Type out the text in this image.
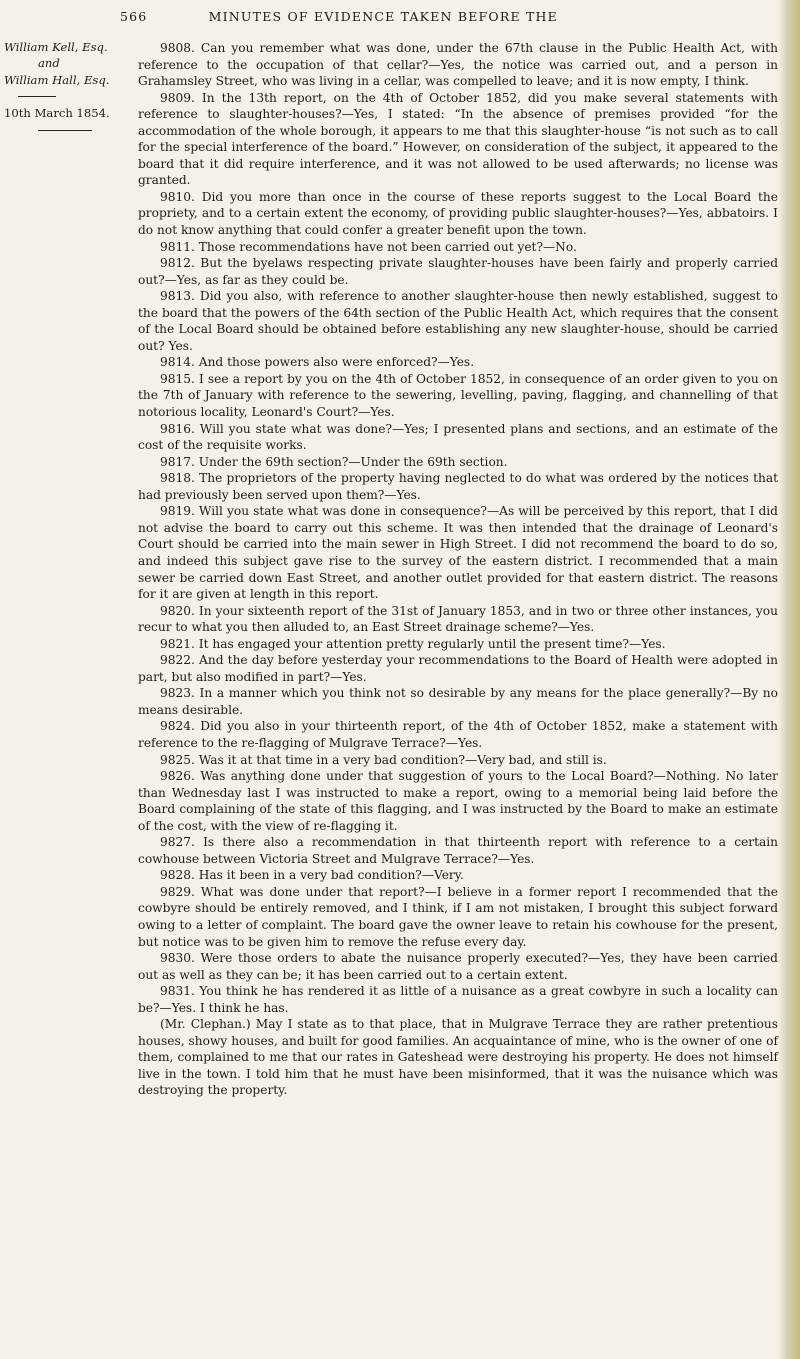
566	MINUTES OF EVIDENCE TAKEN BEFORE THE
William Kell, Esq.
and
William Hall, Esq.
10th March 1854.

9808. Can you remember what was done, under the 67th clause in the Public Health Act, with reference to the occupation of that cellar?—Yes, the notice was carried out, and a person in Grahamsley Street, who was living in a cellar, was compelled to leave; and it is now empty, I think.

9809. In the 13th report, on the 4th of October 1852, did you make several statements with reference to slaughter-houses?—Yes, I stated: “In the absence of premises provided “for the accommodation of the whole borough, it appears to me that this slaughter-house “is not such as to call for the special interference of the board.” However, on consideration of the subject, it appeared to the board that it did require interference, and it was not allowed to be used afterwards; no license was granted.

9810. Did you more than once in the course of these reports suggest to the Local Board the propriety, and to a certain extent the economy, of providing public slaughter-houses?—Yes, abbatoirs. I do not know anything that could confer a greater benefit upon the town.

9811. Those recommendations have not been carried out yet?—No.

9812. But the byelaws respecting private slaughter-houses have been fairly and properly carried out?—Yes, as far as they could be.

9813. Did you also, with reference to another slaughter-house then newly established, suggest to the board that the powers of the 64th section of the Public Health Act, which requires that the consent of the Local Board should be obtained before establishing any new slaughter-house, should be carried out? Yes.

9814. And those powers also were enforced?—Yes.

9815. I see a report by you on the 4th of October 1852, in consequence of an order given to you on the 7th of January with reference to the sewering, levelling, paving, flagging, and channelling of that notorious locality, Leonard's Court?—Yes.

9816. Will you state what was done?—Yes; I presented plans and sections, and an estimate of the cost of the requisite works.

9817. Under the 69th section?—Under the 69th section.

9818. The proprietors of the property having neglected to do what was ordered by the notices that had previously been served upon them?—Yes.

9819. Will you state what was done in consequence?—As will be perceived by this report, that I did not advise the board to carry out this scheme. It was then intended that the drainage of Leonard's Court should be carried into the main sewer in High Street. I did not recommend the board to do so, and indeed this subject gave rise to the survey of the eastern district. I recommended that a main sewer be carried down East Street, and another outlet provided for that eastern district. The reasons for it are given at length in this report.

9820. In your sixteenth report of the 31st of January 1853, and in two or three other instances, you recur to what you then alluded to, an East Street drainage scheme?—Yes.

9821. It has engaged your attention pretty regularly until the present time?—Yes.

9822. And the day before yesterday your recommendations to the Board of Health were adopted in part, but also modified in part?—Yes.

9823. In a manner which you think not so desirable by any means for the place generally?—By no means desirable.

9824. Did you also in your thirteenth report, of the 4th of October 1852, make a statement with reference to the re-flagging of Mulgrave Terrace?—Yes.

9825. Was it at that time in a very bad condition?—Very bad, and still is.

9826. Was anything done under that suggestion of yours to the Local Board?—Nothing. No later than Wednesday last I was instructed to make a report, owing to a memorial being laid before the Board complaining of the state of this flagging, and I was instructed by the Board to make an estimate of the cost, with the view of re-flagging it.

9827. Is there also a recommendation in that thirteenth report with reference to a certain cowhouse between Victoria Street and Mulgrave Terrace?—Yes.

9828. Has it been in a very bad condition?—Very.

9829. What was done under that report?—I believe in a former report I recommended that the cowbyre should be entirely removed, and I think, if I am not mistaken, I brought this subject forward owing to a letter of complaint. The board gave the owner leave to retain his cowhouse for the present, but notice was to be given him to remove the refuse every day.

9830. Were those orders to abate the nuisance properly executed?—Yes, they have been carried out as well as they can be; it has been carried out to a certain extent.

9831. You think he has rendered it as little of a nuisance as a great cowbyre in such a locality can be?—Yes. I think he has.

(Mr. Clephan.) May I state as to that place, that in Mulgrave Terrace they are rather pretentious houses, showy houses, and built for good families. An acquaintance of mine, who is the owner of one of them, complained to me that our rates in Gateshead were destroying his property. He does not himself live in the town. I told him that he must have been misinformed, that it was the nuisance which was destroying the property.
